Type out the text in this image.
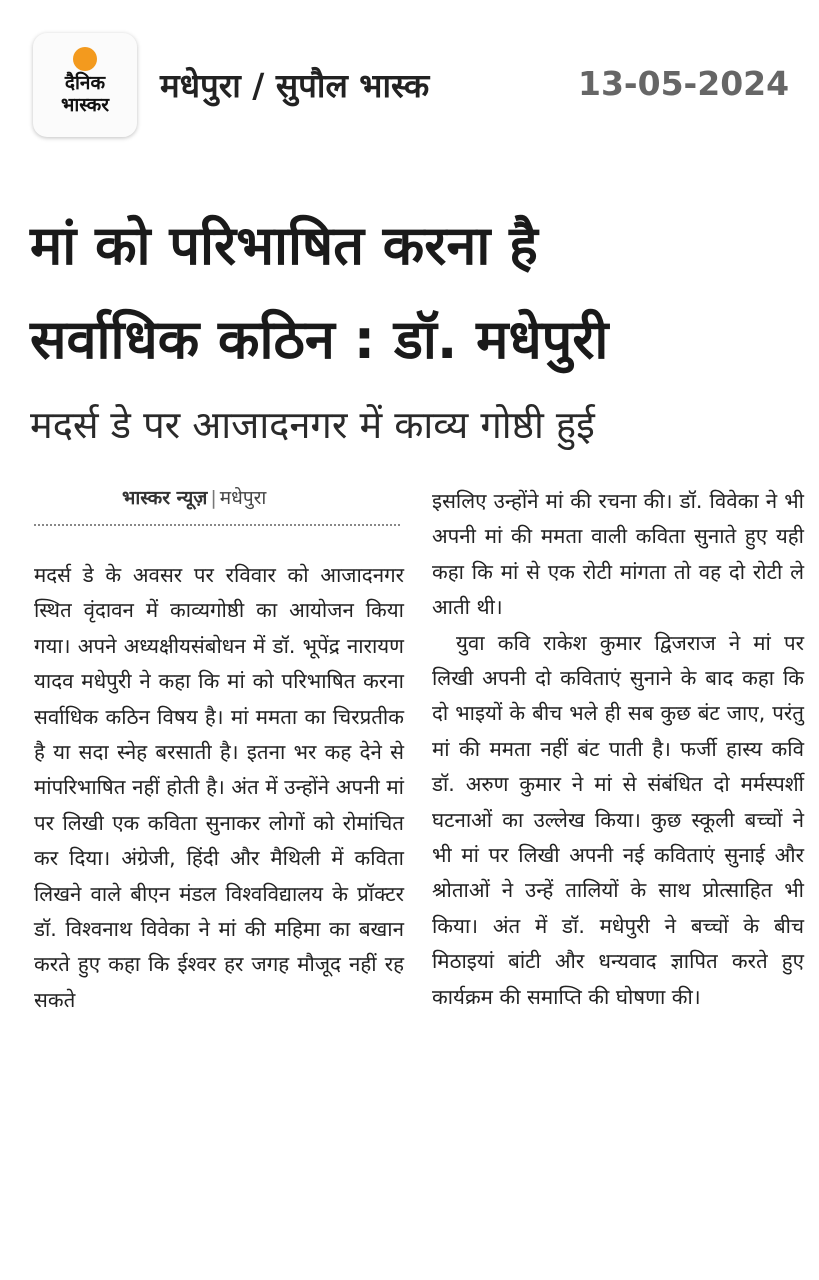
दैनिक
भास्कर	मधेपुरा / सुपौल भास्क	13-05-2024
मां को परिभाषित करना है
सर्वाधिक कठिन : डॉ. मधेपुरी
मदर्स डे पर आजादनगर में काव्य गोष्ठी हुई
भास्कर न्यूज़ | मधेपुरा

मदर्स डे के अवसर पर रविवार को आजादनगर स्थित वृंदावन में काव्यगोष्ठी का आयोजन किया गया। अपने अध्यक्षीयसंबोधन में डॉ. भूपेंद्र नारायण यादव मधेपुरी ने कहा कि मां को परिभाषित करना सर्वाधिक कठिन विषय है। मां ममता का चिरप्रतीक है या सदा स्नेह बरसाती है। इतना भर कह देने से मांपरिभाषित नहीं होती है। अंत में उन्होंने अपनी मां पर लिखी एक कविता सुनाकर लोगों को रोमांचित कर दिया। अंग्रेजी, हिंदी और मैथिली में कविता लिखने वाले बीएन मंडल विश्वविद्यालय के प्रॉक्टर डॉ. विश्वनाथ विवेका ने मां की महिमा का बखान करते हुए कहा कि ईश्वर हर जगह मौजूद नहीं रह सकते

इसलिए उन्होंने मां की रचना की। डॉ. विवेका ने भी अपनी मां की ममता वाली कविता सुनाते हुए यही कहा कि मां से एक रोटी मांगता तो वह दो रोटी ले आती थी।

युवा कवि राकेश कुमार द्विजराज ने मां पर लिखी अपनी दो कविताएं सुनाने के बाद कहा कि दो भाइयों के बीच भले ही सब कुछ बंट जाए, परंतु मां की ममता नहीं बंट पाती है। फर्जी हास्य कवि डॉ. अरुण कुमार ने मां से संबंधित दो मर्मस्पर्शी घटनाओं का उल्लेख किया। कुछ स्कूली बच्चों ने भी मां पर लिखी अपनी नई कविताएं सुनाई और श्रोताओं ने उन्हें तालियों के साथ प्रोत्साहित भी किया। अंत में डॉ. मधेपुरी ने बच्चों के बीच मिठाइयां बांटी और धन्यवाद ज्ञापित करते हुए कार्यक्रम की समाप्ति की घोषणा की।
